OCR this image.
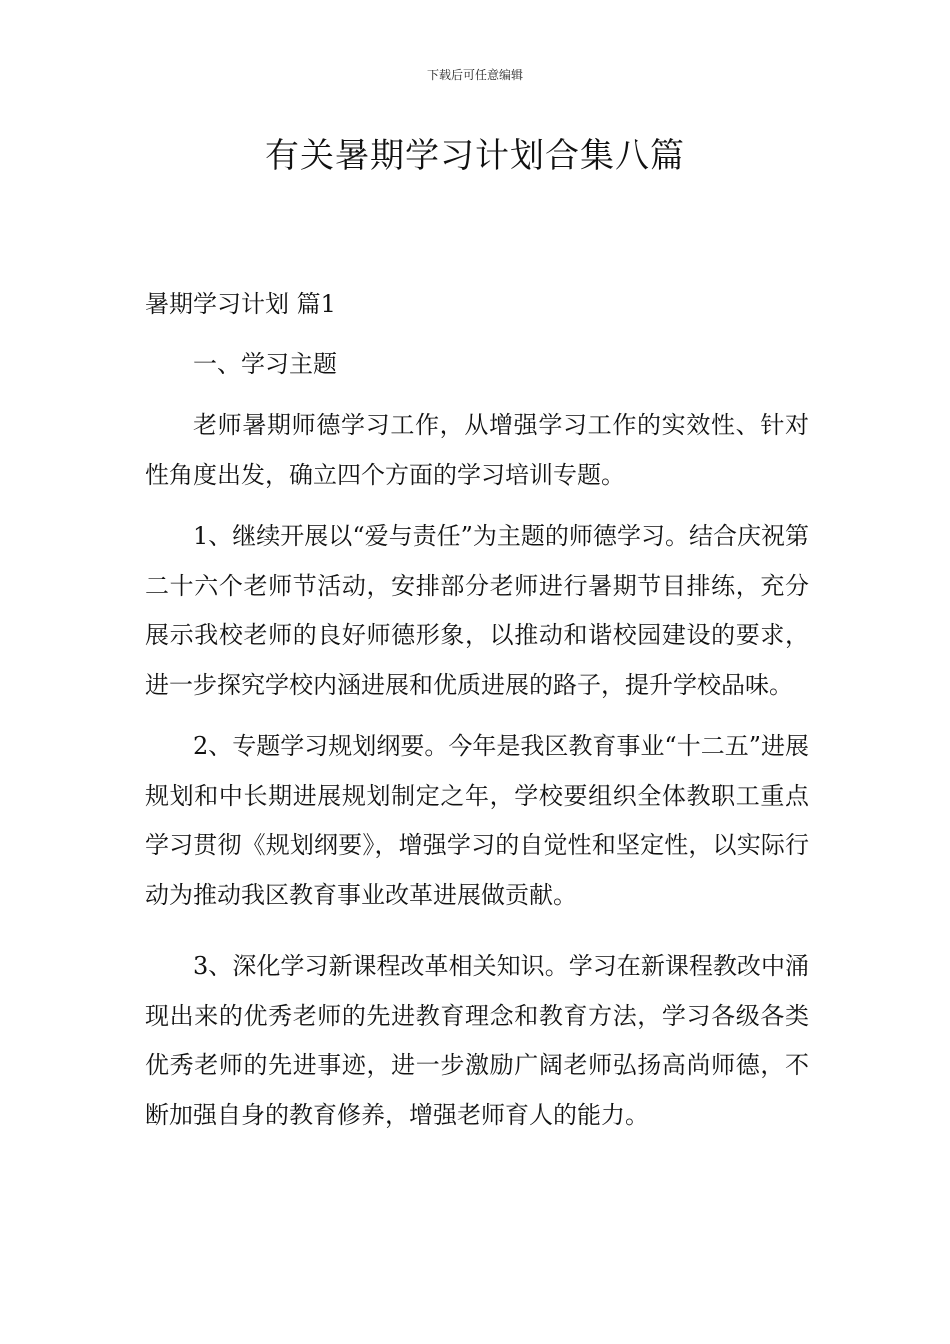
下载后可任意编辑
有关暑期学习计划合集八篇

暑期学习计划 篇1

一、学习主题

老师暑期师德学习工作，从增强学习工作的实效性、针对性角度出发，确立四个方面的学习培训专题。

1、继续开展以“爱与责任”为主题的师德学习。结合庆祝第二十六个老师节活动，安排部分老师进行暑期节目排练，充分展示我校老师的良好师德形象，以推动和谐校园建设的要求，进一步探究学校内涵进展和优质进展的路子，提升学校品味。

2、专题学习规划纲要。今年是我区教育事业“十二五”进展规划和中长期进展规划制定之年，学校要组织全体教职工重点学习贯彻《规划纲要》，增强学习的自觉性和坚定性，以实际行动为推动我区教育事业改革进展做贡献。

3、深化学习新课程改革相关知识。学习在新课程教改中涌现出来的优秀老师的先进教育理念和教育方法，学习各级各类优秀老师的先进事迹，进一步激励广阔老师弘扬高尚师德，不断加强自身的教育修养，增强老师育人的能力。
